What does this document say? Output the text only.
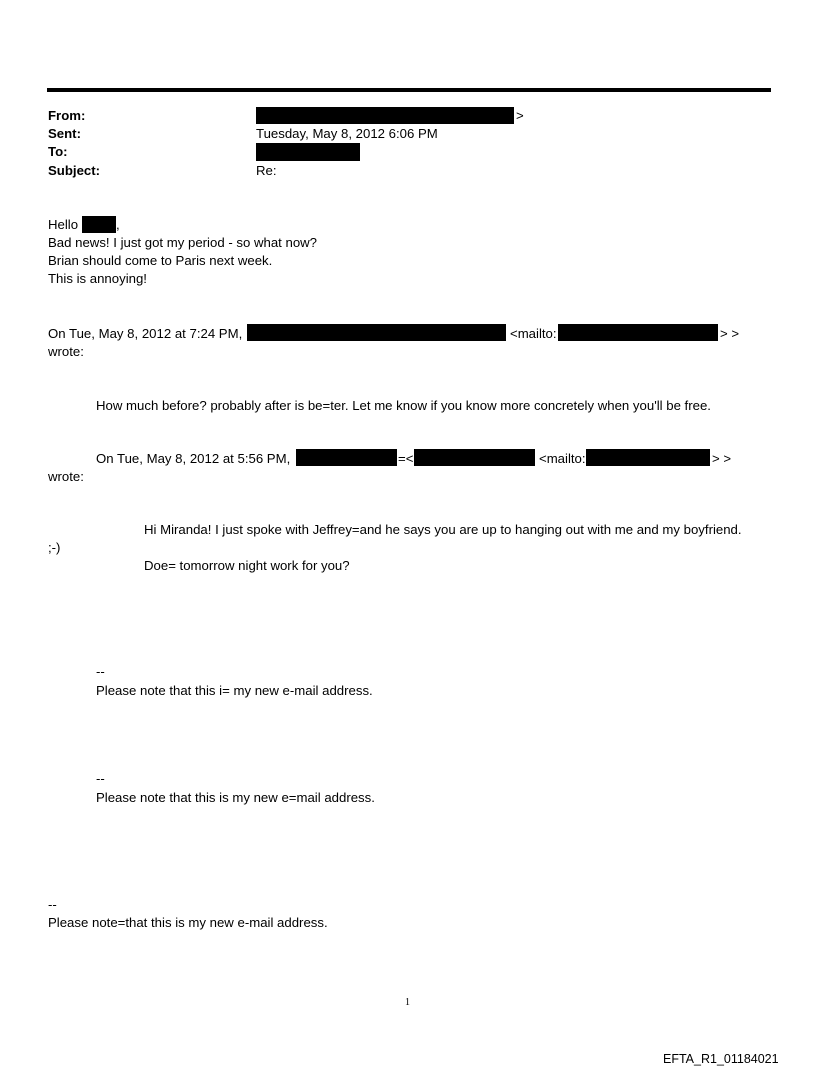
From:	>
Sent:	Tuesday, May 8, 2012 6:06 PM
To:
Subject:	Re:
Hello	,
Bad news! I just got my period - so what now?
Brian should come to Paris next week.
This is annoying!
On Tue, May 8, 2012 at 7:24 PM,	<mailto:	> >
wrote:
How much before? probably after is be=ter. Let me know if you know more concretely when you'll be free.
On Tue, May 8, 2012 at 5:56 PM,	=<	<mailto:	> >
wrote:
Hi Miranda! I just spoke with Jeffrey=and he says you are up to hanging out with me and my boyfriend.
;-)
Doe= tomorrow night work for you?
--
Please note that this i= my new e-mail address.
--
Please note that this is my new e=mail address.
--
Please note=that this is my new e-mail address.
1
EFTA_R1_01184021
